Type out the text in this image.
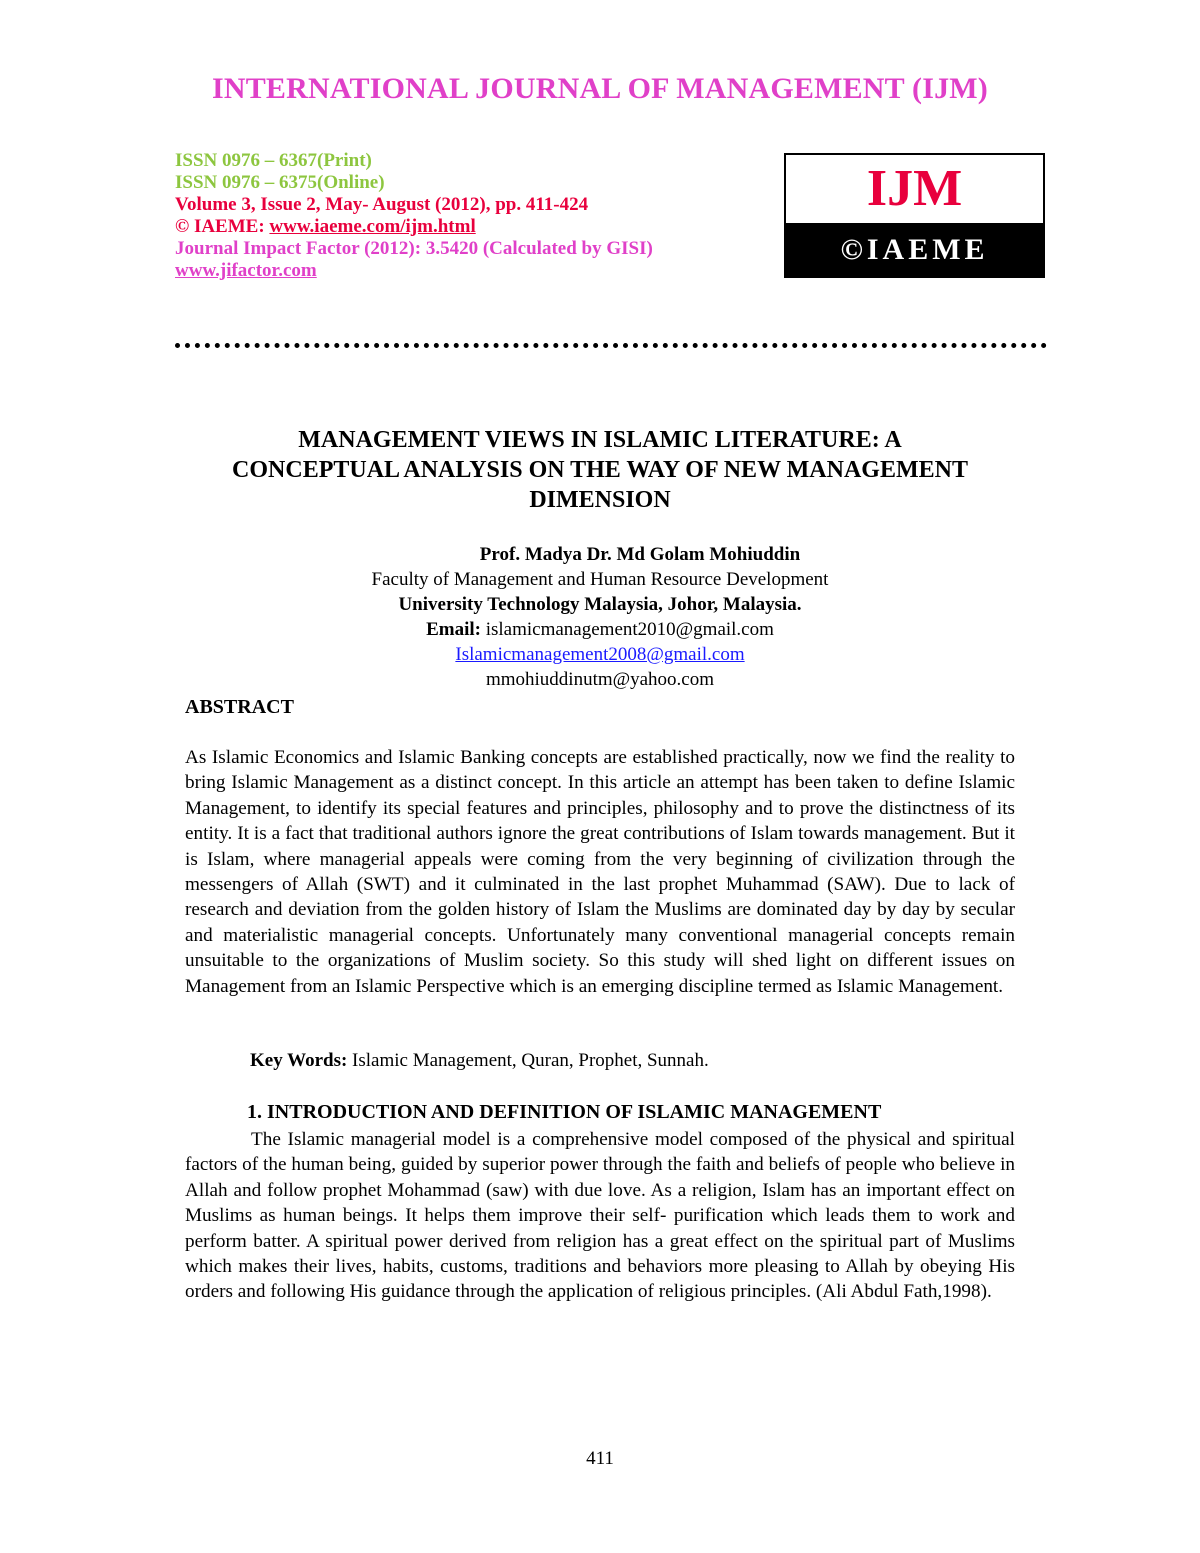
INTERNATIONAL JOURNAL OF MANAGEMENT (IJM)
ISSN 0976 – 6367(Print)
ISSN 0976 – 6375(Online)
Volume 3, Issue 2, May- August (2012), pp. 411-424
© IAEME: www.iaeme.com/ijm.html
Journal Impact Factor (2012): 3.5420 (Calculated by GISI)
www.jifactor.com
IJM
©IAEME
MANAGEMENT VIEWS IN ISLAMIC LITERATURE: A
CONCEPTUAL ANALYSIS ON THE WAY OF NEW MANAGEMENT
DIMENSION
Prof. Madya Dr. Md Golam Mohiuddin
Faculty of Management and Human Resource Development
University Technology Malaysia, Johor, Malaysia.
Email: islamicmanagement2010@gmail.com
Islamicmanagement2008@gmail.com
mmohiuddinutm@yahoo.com
ABSTRACT
As Islamic Economics and Islamic Banking concepts are established practically, now we find the reality to bring Islamic Management as a distinct concept. In this article an attempt has been taken to define Islamic Management, to identify its special features and principles, philosophy and to prove the distinctness of its entity. It is a fact that traditional authors ignore the great contributions of Islam towards management. But it is Islam, where managerial appeals were coming from the very beginning of civilization through the messengers of Allah (SWT) and it culminated in the last prophet Muhammad (SAW). Due to lack of research and deviation from the golden history of Islam the Muslims are dominated day by day by secular and materialistic managerial concepts. Unfortunately many conventional managerial concepts remain unsuitable to the organizations of Muslim society. So this study will shed light on different issues on Management from an Islamic Perspective which is an emerging discipline termed as Islamic Management.
Key Words: Islamic Management, Quran, Prophet, Sunnah.
1. INTRODUCTION AND DEFINITION OF ISLAMIC MANAGEMENT
The Islamic managerial model is a comprehensive model composed of the physical and spiritual factors of the human being, guided by superior power through the faith and beliefs of people who believe in Allah and follow prophet Mohammad (saw) with due love. As a religion, Islam has an important effect on Muslims as human beings. It helps them improve their self- purification which leads them to work and perform batter. A spiritual power derived from religion has a great effect on the spiritual part of Muslims which makes their lives, habits, customs, traditions and behaviors more pleasing to Allah by obeying His orders and following His guidance through the application of religious principles. (Ali Abdul Fath,1998).
411
